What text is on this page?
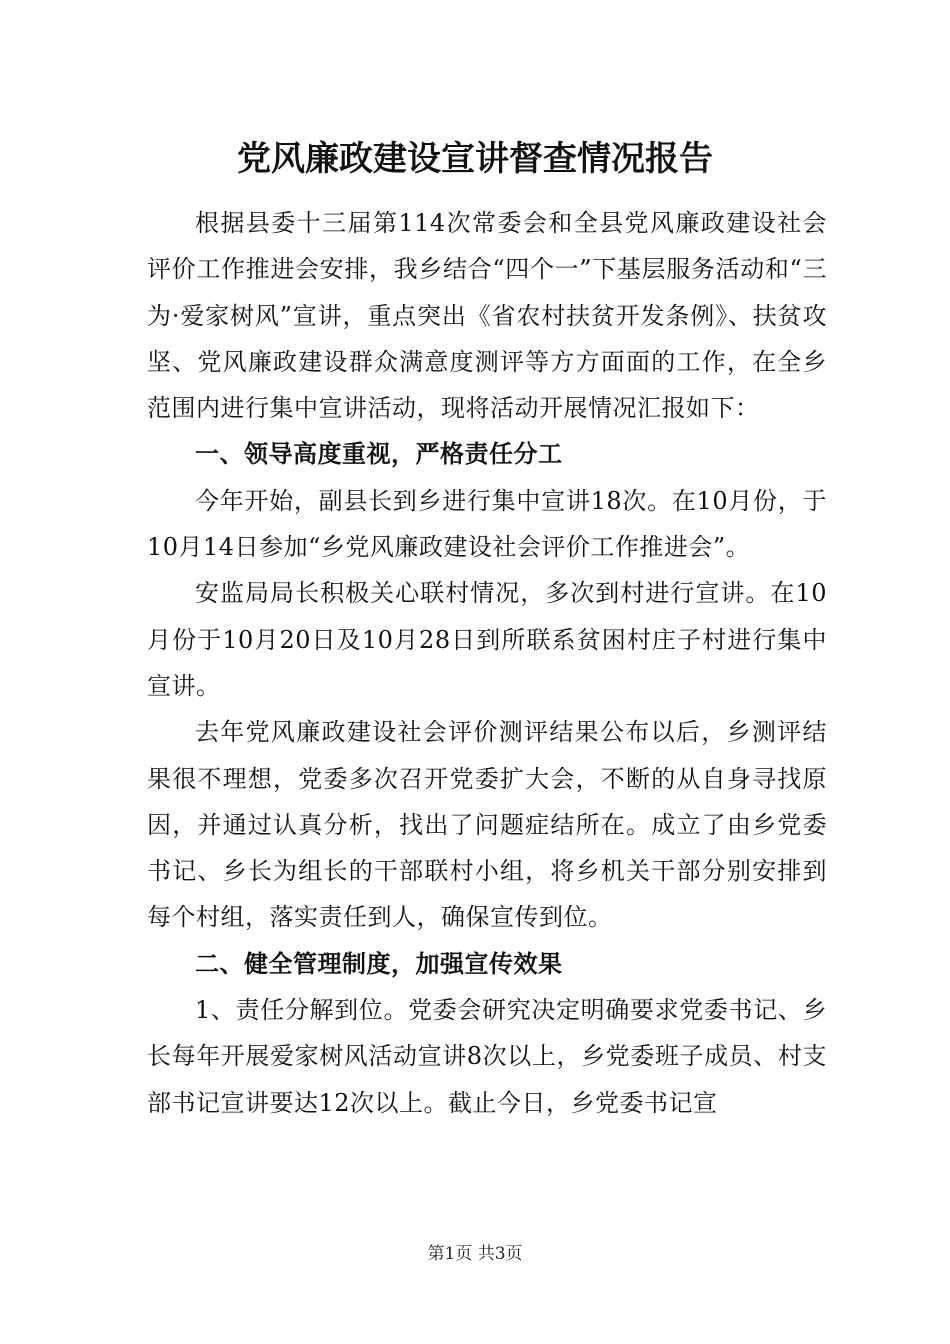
党风廉政建设宣讲督查情况报告

根据县委十三届第114次常委会和全县党风廉政建设社会评价工作推进会安排，我乡结合“四个一”下基层服务活动和“三为·爱家树风”宣讲，重点突出《省农村扶贫开发条例》、扶贫攻坚、党风廉政建设群众满意度测评等方方面面的工作，在全乡范围内进行集中宣讲活动，现将活动开展情况汇报如下：

一、领导高度重视，严格责任分工

今年开始，副县长到乡进行集中宣讲18次。在10月份，于10月14日参加“乡党风廉政建设社会评价工作推进会”。

安监局局长积极关心联村情况，多次到村进行宣讲。在10月份于10月20日及10月28日到所联系贫困村庄子村进行集中宣讲。

去年党风廉政建设社会评价测评结果公布以后，乡测评结果很不理想，党委多次召开党委扩大会，不断的从自身寻找原因，并通过认真分析，找出了问题症结所在。成立了由乡党委书记、乡长为组长的干部联村小组，将乡机关干部分别安排到每个村组，落实责任到人，确保宣传到位。

二、健全管理制度，加强宣传效果

1、责任分解到位。党委会研究决定明确要求党委书记、乡长每年开展爱家树风活动宣讲8次以上，乡党委班子成员、村支部书记宣讲要达12次以上。截止今日，乡党委书记宣

第1页 共3页
